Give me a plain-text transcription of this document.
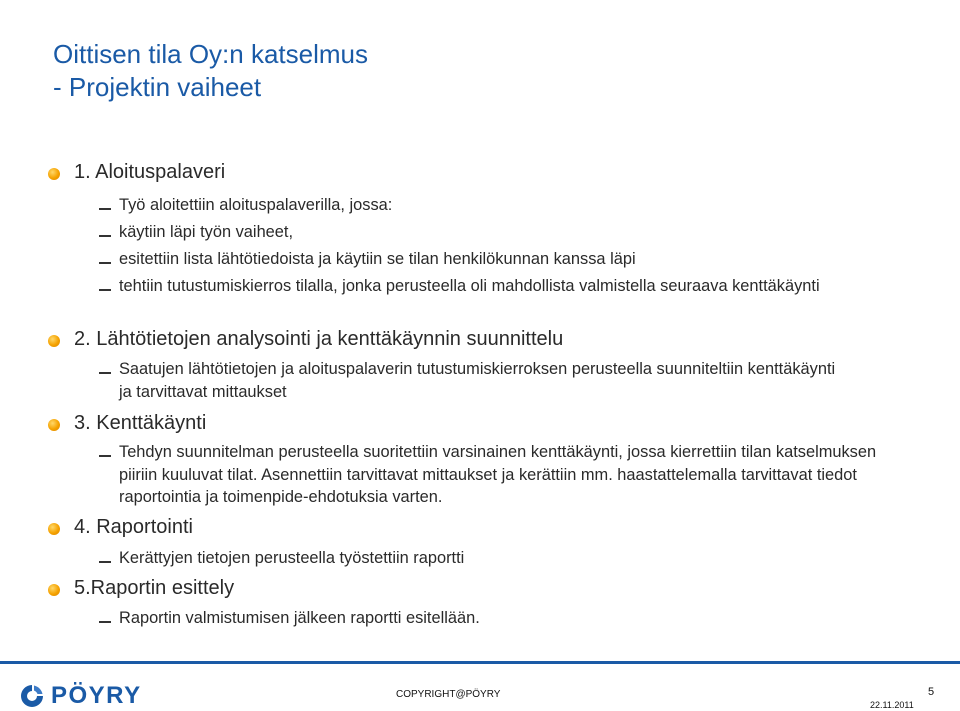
Oittisen tila Oy:n katselmus
- Projektin vaiheet
1. Aloituspalaveri
Työ aloitettiin aloituspalaverilla, jossa:
käytiin läpi työn vaiheet,
esitettiin lista lähtötiedoista ja käytiin se tilan henkilökunnan kanssa läpi
tehtiin tutustumiskierros tilalla, jonka perusteella oli mahdollista valmistella seuraava kenttäkäynti
2. Lähtötietojen analysointi ja kenttäkäynnin suunnittelu
Saatujen lähtötietojen ja aloituspalaverin tutustumiskierroksen perusteella suunniteltiin kenttäkäynti ja tarvittavat mittaukset
3. Kenttäkäynti
Tehdyn suunnitelman perusteella suoritettiin varsinainen kenttäkäynti, jossa kierrettiin tilan katselmuksen piiriin kuuluvat tilat. Asennettiin tarvittavat mittaukset ja kerättiin mm. haastattelemalla tarvittavat tiedot raportointia ja toimenpide-ehdotuksia varten.
4. Raportointi
Kerättyjen tietojen perusteella työstettiin raportti
5.Raportin esittely
Raportin valmistumisen jälkeen raportti esitellään.
PÖYRY	COPYRIGHT@PÖYRY	5
22.11.2011
